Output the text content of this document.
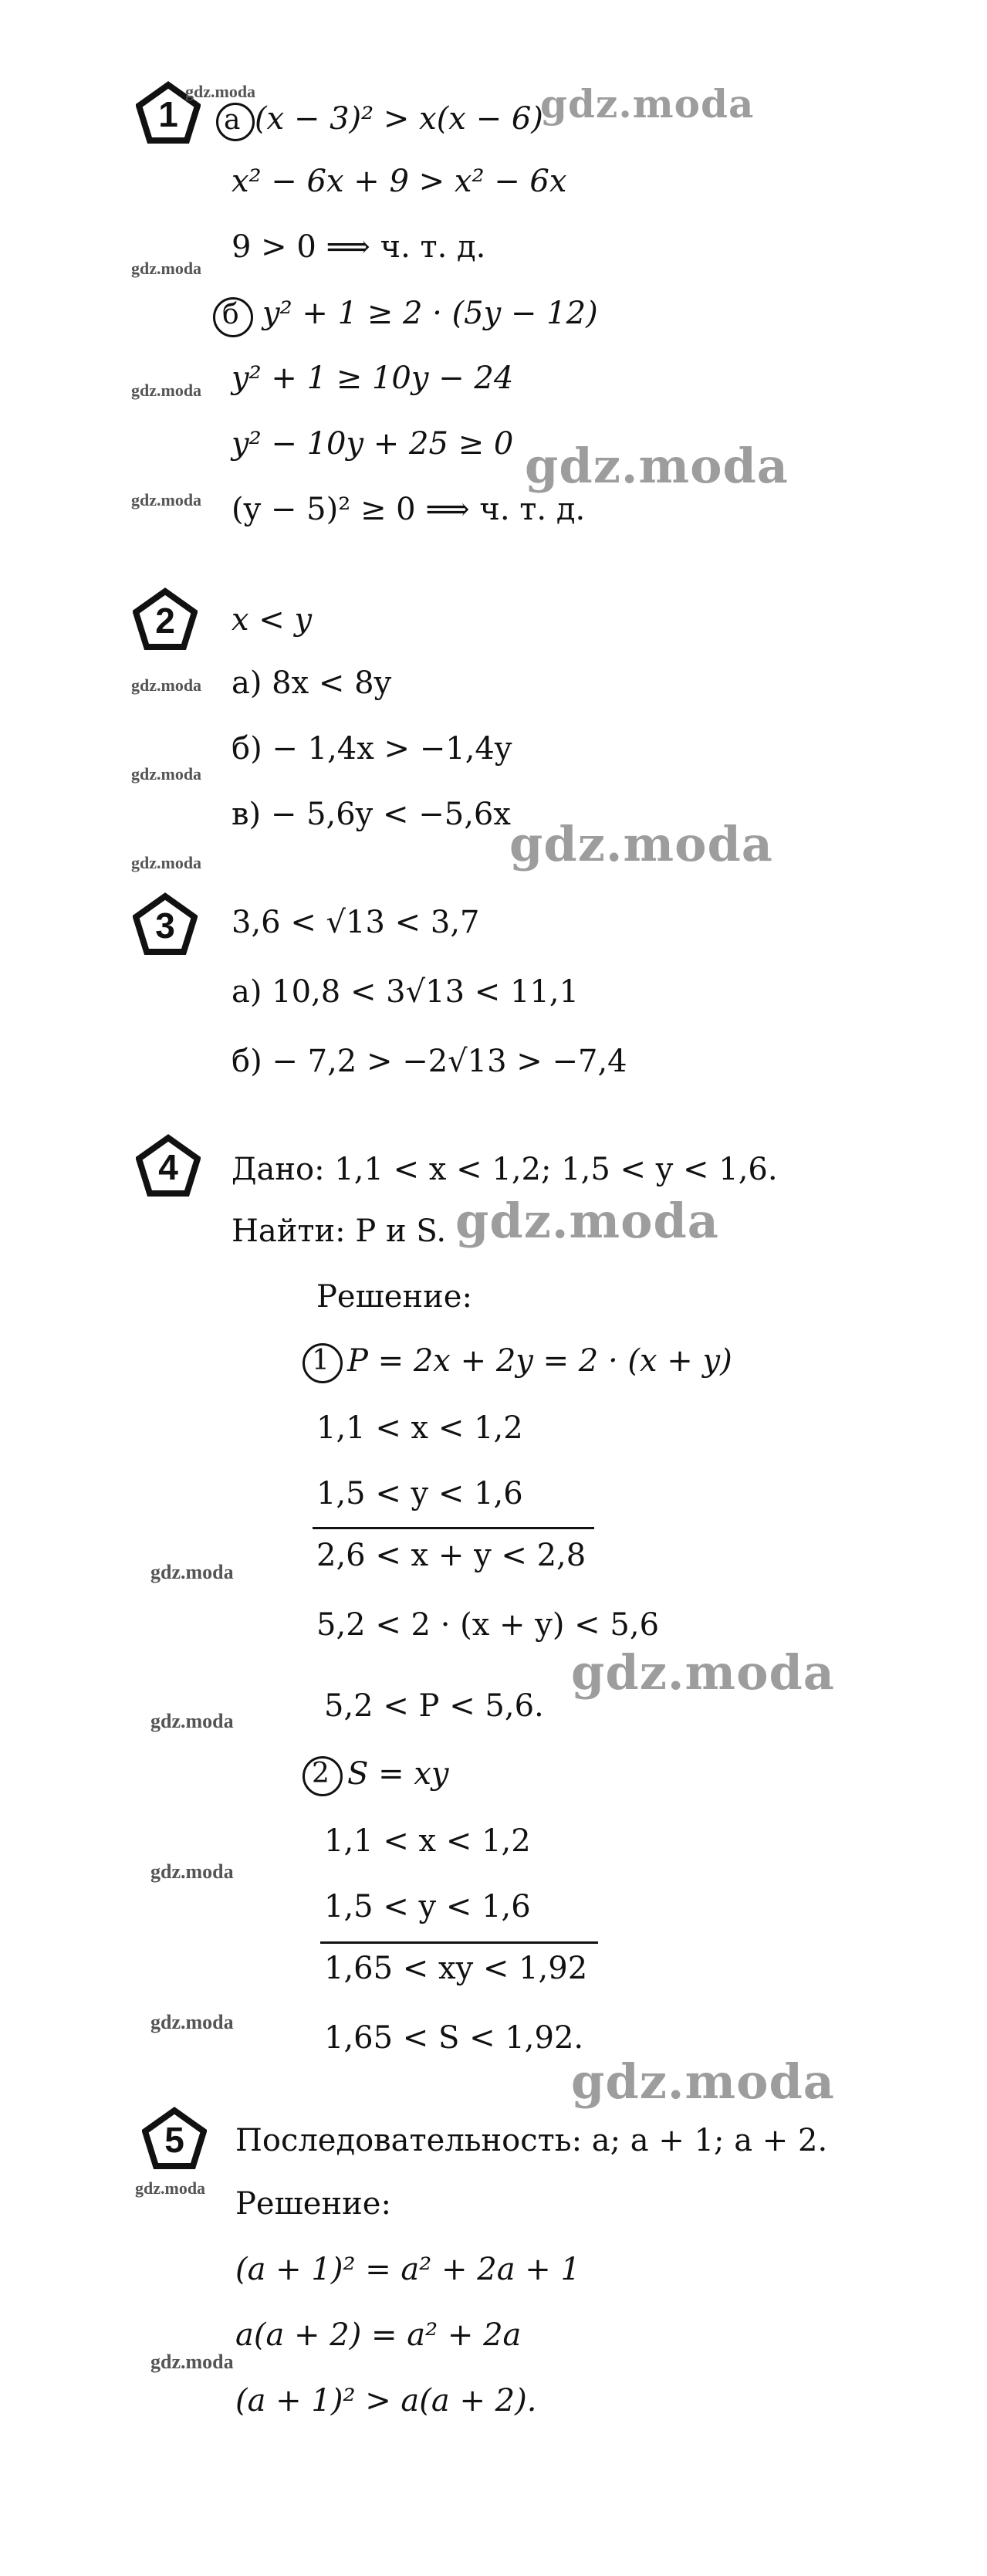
1 а (x − 3)² > x(x − 6)
x² − 6x + 9 > x² − 6x
9 > 0 ⟹ ч. т. д.
б y² + 1 ≥ 2 · (5y − 12)
y² + 1 ≥ 10y − 24
y² − 10y + 25 ≥ 0
(y − 5)² ≥ 0 ⟹ ч. т. д.
2 x < y
а) 8x < 8y
б) − 1,4x > −1,4y
в) − 5,6y < −5,6x
3 3,6 < √13 < 3,7
а) 10,8 < 3√13 < 11,1
б) − 7,2 > −2√13 > −7,4
4 Дано: 1,1 < x < 1,2; 1,5 < y < 1,6.
Найти: P и S.
Решение:
1 P = 2x + 2y = 2 · (x + y)
1,1 < x < 1,2
1,5 < y < 1,6
2,6 < x + y < 2,8
5,2 < 2 · (x + y) < 5,6
5,2 < P < 5,6.
2 S = xy
1,1 < x < 1,2
1,5 < y < 1,6
1,65 < xy < 1,92
1,65 < S < 1,92.
5 Последовательность: a; a + 1; a + 2.
Решение:
(a + 1)² = a² + 2a + 1
a(a + 2) = a² + 2a
(a + 1)² > a(a + 2).
gdz.moda	gdz.moda
gdz.moda
gdz.moda
gdz.moda
gdz.moda
gdz.moda
gdz.moda
gdz.moda
gdz.moda
gdz.moda
gdz.moda
gdz.moda
gdz.moda
gdz.moda
gdz.moda
gdz.moda
gdz.moda
gdz.moda
